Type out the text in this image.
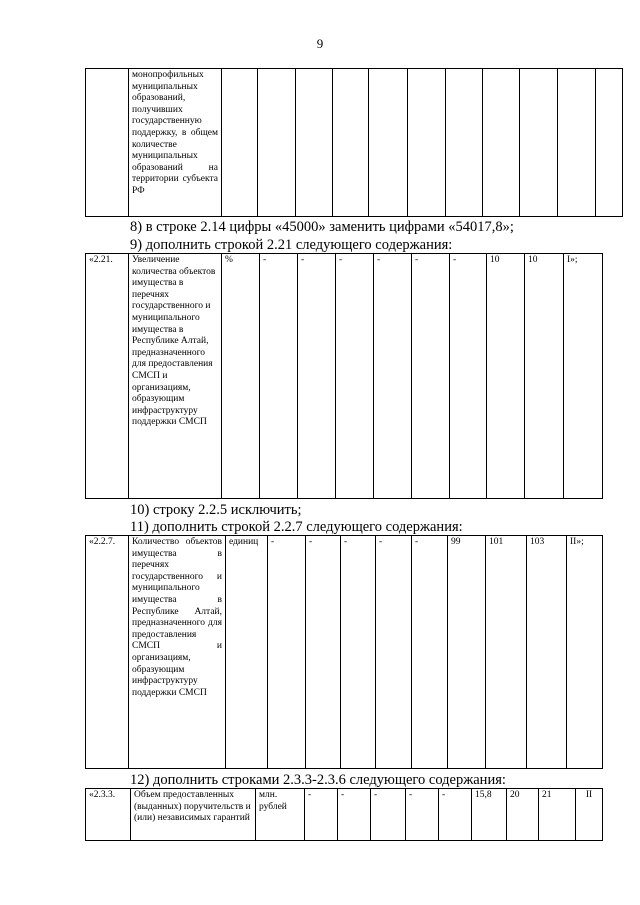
9
	монопрофильных муниципальных образований, получивших государственную поддержку, в общем количестве муниципальных образований на территории субъекта РФ											
8) в строке 2.14 цифры «45000» заменить цифрами «54017,8»;
9) дополнить строкой 2.21 следующего содержания:
«2.21.	Увеличение количества объектов имущества в перечнях государственного и муниципального имущества в Республике Алтай, предназначенного для предоставления СМСП и организациям, образующим инфраструктуру поддержки СМСП	%	-	-	-	-	-	-	10	10	I»;
10) строку 2.2.5 исключить;
11) дополнить строкой 2.2.7 следующего содержания:
«2.2.7.	Количество объектов имущества в перечнях государственного и муниципального имущества в Республике Алтай, предназначенного для предоставления СМСП и организациям, образующим инфраструктуру поддержки СМСП	единиц	-	-	-	-	-	99	101	103	II»;
12) дополнить строками 2.3.3-2.3.6 следующего содержания:
«2.3.3.	Объем предоставленных (выданных) поручительств и (или) независимых гарантий	млн. рублей	-	-	-	-	-	15,8	20	21	II
